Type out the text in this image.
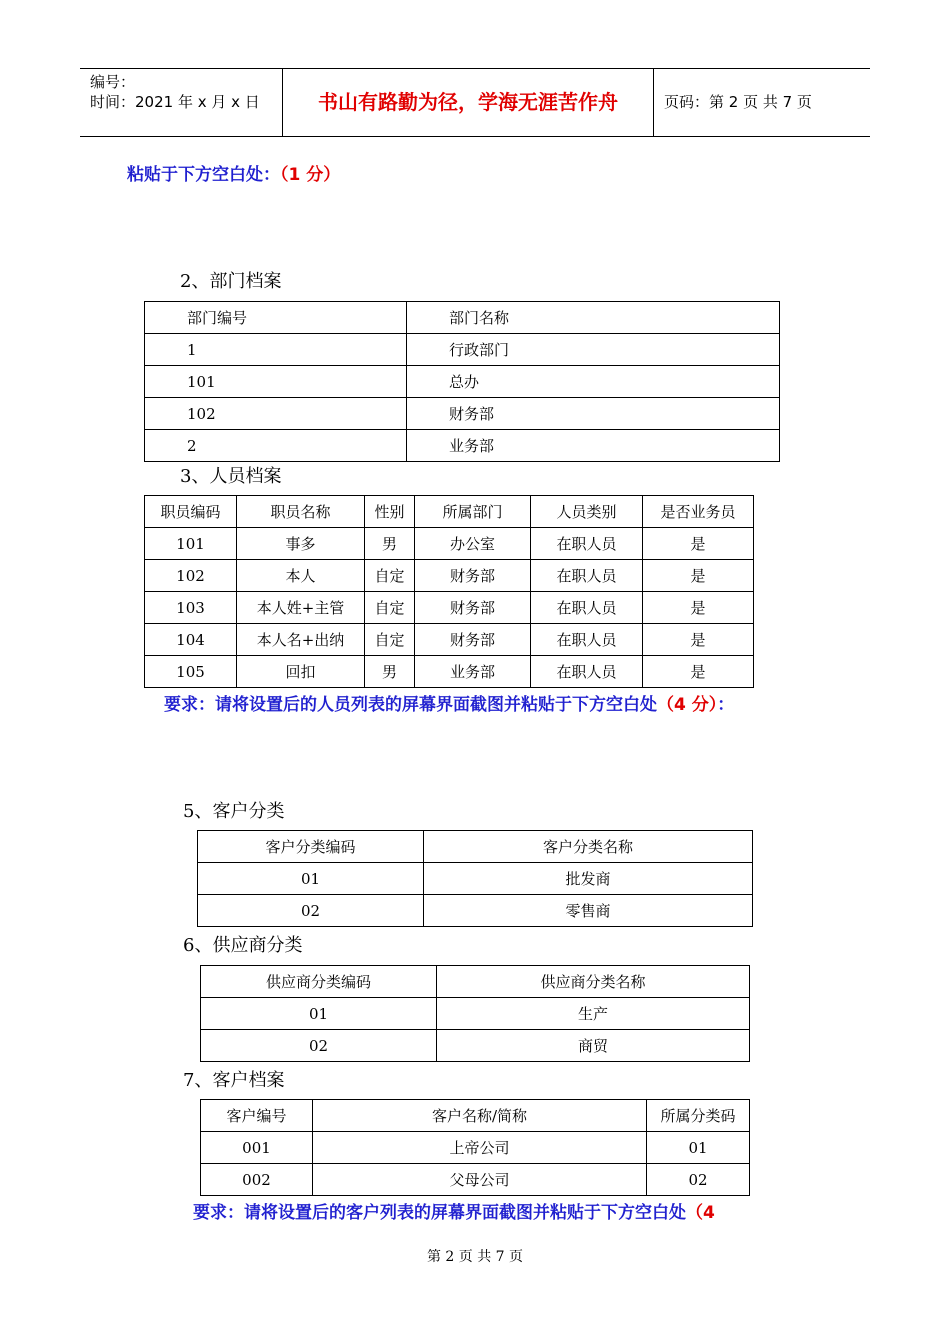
编号：
时间：2021 年 x 月 x 日	书山有路勤为径，学海无涯苦作舟	页码：第 2 页 共 7 页
粘贴于下方空白处：（1 分）
2、部门档案
部门编号	部门名称
1	行政部门
101	总办
102	财务部
2	业务部
3、人员档案
职员编码	职员名称	性别	所属部门	人员类别	是否业务员
101	事多	男	办公室	在职人员	是
102	本人	自定	财务部	在职人员	是
103	本人姓+主管	自定	财务部	在职人员	是
104	本人名+出纳	自定	财务部	在职人员	是
105	回扣	男	业务部	在职人员	是
要求：请将设置后的人员列表的屏幕界面截图并粘贴于下方空白处（4 分）：
5、客户分类
客户分类编码	客户分类名称
01	批发商
02	零售商
6、供应商分类
供应商分类编码	供应商分类名称
01	生产
02	商贸
7、客户档案
客户编号	客户名称/简称	所属分类码
001	上帝公司	01
002	父母公司	02
要求：请将设置后的客户列表的屏幕界面截图并粘贴于下方空白处（4
第 2 页 共 7 页
